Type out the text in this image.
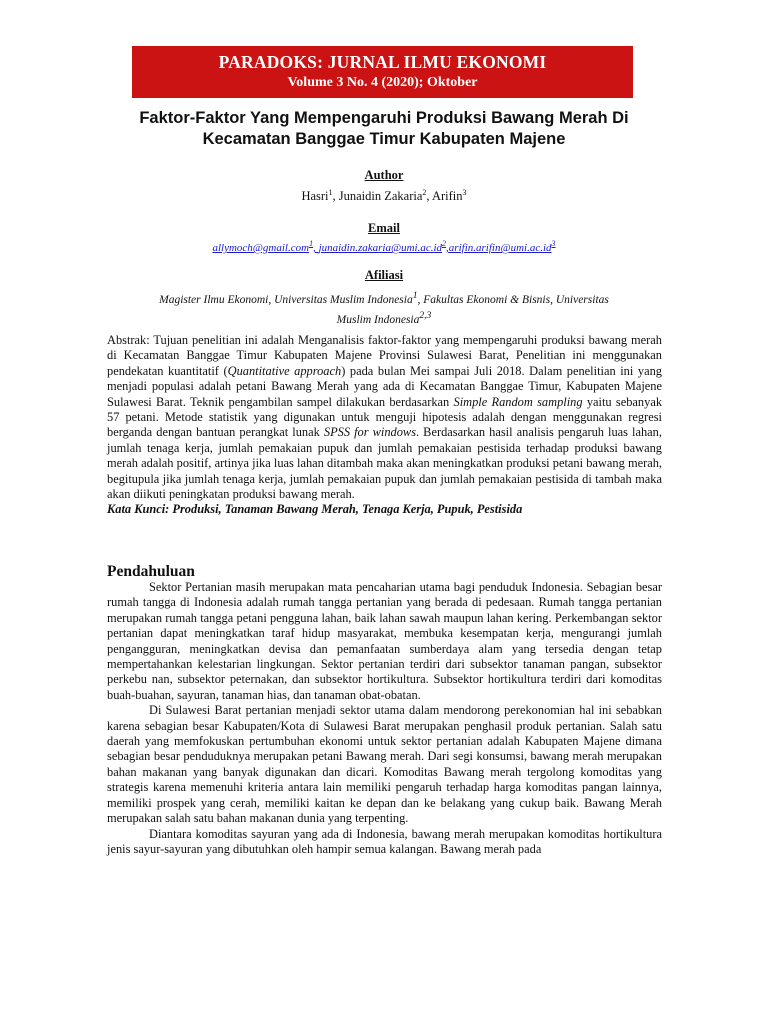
PARADOKS: JURNAL ILMU EKONOMI
Volume 3 No. 4 (2020); Oktober
Faktor-Faktor Yang Mempengaruhi Produksi Bawang Merah Di
Kecamatan Banggae Timur Kabupaten Majene
Author
Hasri$^1$, Junaidin Zakaria$^2$, Arifin$^3$
Email
allymoch@gmail.com$^1$, $junaidin.zakaria@umi.ac.id^2,arifin.arifin@umi.ac.id^3$
Afiliasi
Magister Ilmu Ekonomi, Universitas Muslim Indonesia$^1$, Fakultas Ekonomi & Bisnis, Universitas
Muslim Indonesia$^{2,3}$

Abstrak: Tujuan penelitian ini adalah Menganalisis faktor-faktor yang mempengaruhi produksi bawang merah di Kecamatan Banggae Timur Kabupaten Majene Provinsi Sulawesi Barat, Penelitian ini menggunakan pendekatan kuantitatif (Quantitative approach) pada bulan Mei sampai Juli 2018. Dalam penelitian ini yang menjadi populasi adalah petani Bawang Merah yang ada di Kecamatan Banggae Timur, Kabupaten Majene Sulawesi Barat. Teknik pengambilan sampel dilakukan berdasarkan Simple Random sampling yaitu sebanyak 57 petani. Metode statistik yang digunakan untuk menguji hipotesis adalah dengan menggunakan regresi berganda dengan bantuan perangkat lunak SPSS for windows. Berdasarkan hasil analisis pengaruh luas lahan, jumlah tenaga kerja, jumlah pemakaian pupuk dan jumlah pemakaian pestisida terhadap produksi bawang merah adalah positif, artinya jika luas lahan ditambah maka akan meningkatkan produksi petani bawang merah, begitupula jika jumlah tenaga kerja, jumlah pemakaian pupuk dan jumlah pemakaian pestisida di tambah maka akan diikuti peningkatan produksi bawang merah.

Kata Kunci: Produksi, Tanaman Bawang Merah, Tenaga Kerja, Pupuk, Pestisida

Pendahuluan

Sektor Pertanian masih merupakan mata pencaharian utama bagi penduduk Indonesia. Sebagian besar rumah tangga di Indonesia adalah rumah tangga pertanian yang berada di pedesaan. Rumah tangga pertanian merupakan rumah tangga petani pengguna lahan, baik lahan sawah maupun lahan kering. Perkembangan sektor pertanian dapat meningkatkan taraf hidup masyarakat, membuka kesempatan kerja, mengurangi jumlah pengangguran, meningkatkan devisa dan pemanfaatan sumberdaya alam yang tersedia dengan tetap mempertahankan kelestarian lingkungan. Sektor pertanian terdiri dari subsektor tanaman pangan, subsektor perkebu nan, subsektor peternakan, dan subsektor hortikultura. Subsektor hortikultura terdiri dari komoditas buah-buahan, sayuran, tanaman hias, dan tanaman obat-obatan.

Di Sulawesi Barat pertanian menjadi sektor utama dalam mendorong perekonomian hal ini sebabkan karena sebagian besar Kabupaten/Kota di Sulawesi Barat merupakan penghasil produk pertanian. Salah satu daerah yang memfokuskan pertumbuhan ekonomi untuk sektor pertanian adalah Kabupaten Majene dimana sebagian besar penduduknya merupakan petani Bawang merah. Dari segi konsumsi, bawang merah merupakan bahan makanan yang banyak digunakan dan dicari. Komoditas Bawang merah tergolong komoditas yang strategis karena memenuhi kriteria antara lain memiliki pengaruh terhadap harga komoditas pangan lainnya, memiliki prospek yang cerah, memiliki kaitan ke depan dan ke belakang yang cukup baik. Bawang Merah merupakan salah satu bahan makanan dunia yang terpenting.

Diantara komoditas sayuran yang ada di Indonesia, bawang merah merupakan komoditas hortikultura jenis sayur-sayuran yang dibutuhkan oleh hampir semua kalangan. Bawang merah pada
